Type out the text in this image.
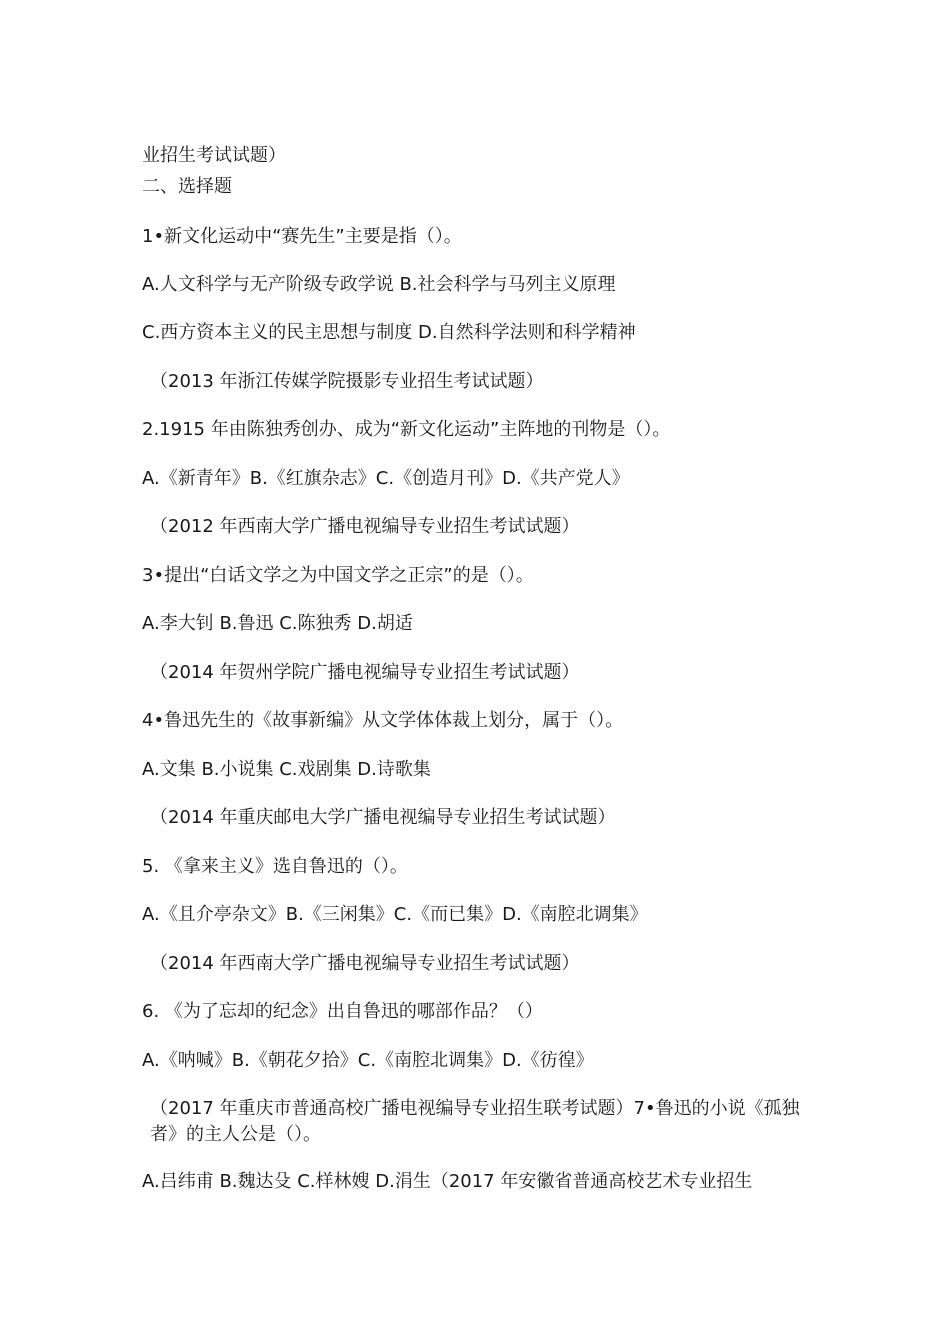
业招生考试试题）
二、选择题
1•新文化运动中“赛先生”主要是指（）。
A.人文科学与无产阶级专政学说 B.社会科学与马列主义原理
C.西方资本主义的民主思想与制度 D.自然科学法则和科学精神
（2013 年浙江传媒学院摄影专业招生考试试题）
2.1915 年由陈独秀创办、成为“新文化运动”主阵地的刊物是（）。
A.《新青年》B.《红旗杂志》C.《创造月刊》D.《共产党人》
（2012 年西南大学广播电视编导专业招生考试试题）
3•提出“白话文学之为中国文学之正宗”的是（）。
A.李大钊 B.鲁迅 C.陈独秀 D.胡适
（2014 年贺州学院广播电视编导专业招生考试试题）
4•鲁迅先生的《故事新编》从文学体体裁上划分，属于（）。
A.文集 B.小说集 C.戏剧集 D.诗歌集
（2014 年重庆邮电大学广播电视编导专业招生考试试题）
5. 《拿来主义》选自鲁迅的（）。
A.《且介亭杂文》B.《三闲集》C.《而已集》D.《南腔北调集》
（2014 年西南大学广播电视编导专业招生考试试题）
6. 《为了忘却的纪念》出自鲁迅的哪部作品？（）
A.《呐喊》B.《朝花夕拾》C.《南腔北调集》D.《彷徨》
（2017 年重庆市普通高校广播电视编导专业招生联考试题）7•鲁迅的小说《孤独者》的主人公是（）。
A.吕纬甫 B.魏达殳 C.样林嫂 D.涓生（2017 年安徽省普通高校艺术专业招生
